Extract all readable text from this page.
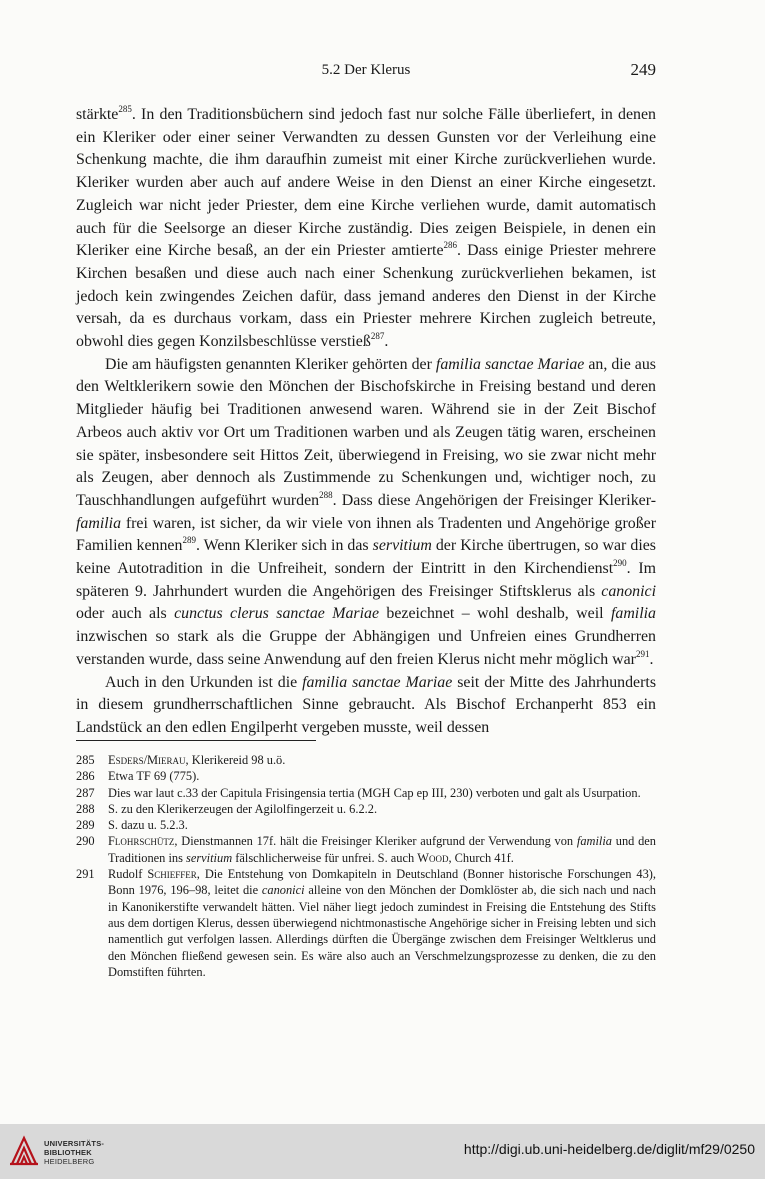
5.2 Der Klerus	249

stärkte$^{285}$. In den Traditionsbüchern sind jedoch fast nur solche Fälle überliefert, in denen ein Kleriker oder einer seiner Verwandten zu dessen Gunsten vor der Verleihung eine Schenkung machte, die ihm daraufhin zumeist mit einer Kirche zurückverliehen wurde. Kleriker wurden aber auch auf andere Weise in den Dienst an einer Kirche eingesetzt. Zugleich war nicht jeder Priester, dem eine Kirche verliehen wurde, damit automatisch auch für die Seelsorge an dieser Kirche zuständig. Dies zeigen Beispiele, in denen ein Kleriker eine Kirche besaß, an der ein Priester amtierte$^{286}$. Dass einige Priester mehrere Kirchen besaßen und diese auch nach einer Schenkung zurückverliehen bekamen, ist jedoch kein zwingendes Zeichen dafür, dass jemand anderes den Dienst in der Kirche versah, da es durchaus vorkam, dass ein Priester mehrere Kirchen zugleich betreute, obwohl dies gegen Konzilsbeschlüsse verstieß$^{287}$.

Die am häufigsten genannten Kleriker gehörten der familia sanctae Mariae an, die aus den Weltklerikern sowie den Mönchen der Bischofskirche in Freising bestand und deren Mitglieder häufig bei Traditionen anwesend waren. Während sie in der Zeit Bischof Arbeos auch aktiv vor Ort um Traditionen warben und als Zeugen tätig waren, erscheinen sie später, insbesondere seit Hittos Zeit, überwiegend in Freising, wo sie zwar nicht mehr als Zeugen, aber dennoch als Zustimmende zu Schenkungen und, wichtiger noch, zu Tauschhandlungen aufgeführt wurden$^{288}$. Dass diese Angehörigen der Freisinger Kleriker-familia frei waren, ist sicher, da wir viele von ihnen als Tradenten und Angehörige großer Familien kennen$^{289}$. Wenn Kleriker sich in das servitium der Kirche übertrugen, so war dies keine Autotradition in die Unfreiheit, sondern der Eintritt in den Kirchendienst$^{290}$. Im späteren 9. Jahrhundert wurden die Angehörigen des Freisinger Stiftsklerus als canonici oder auch als cunctus clerus sanctae Mariae bezeichnet – wohl deshalb, weil familia inzwischen so stark als die Gruppe der Abhängigen und Unfreien eines Grundherren verstanden wurde, dass seine Anwendung auf den freien Klerus nicht mehr möglich war$^{291}$.

Auch in den Urkunden ist die familia sanctae Mariae seit der Mitte des Jahrhunderts in diesem grundherrschaftlichen Sinne gebraucht. Als Bischof Erchanperht 853 ein Landstück an den edlen Engilperht vergeben musste, weil dessen

285	Esders/Mierau, Klerikereid 98 u.ö.
286	Etwa TF 69 (775).
287	Dies war laut c.33 der Capitula Frisingensia tertia (MGH Cap ep III, 230) verboten und galt als Usurpation.
288	S. zu den Klerikerzeugen der Agilolfingerzeit u. 6.2.2.
289	S. dazu u. 5.2.3.
290	Flohrschütz, Dienstmannen 17f. hält die Freisinger Kleriker aufgrund der Verwendung von familia und den Traditionen ins servitium fälschlicherweise für unfrei. S. auch Wood, Church 41f.
291	Rudolf Schieffer, Die Entstehung von Domkapiteln in Deutschland (Bonner historische Forschungen 43), Bonn 1976, 196–98, leitet die canonici alleine von den Mönchen der Domklöster ab, die sich nach und nach in Kanonikerstifte verwandelt hätten. Viel näher liegt jedoch zumindest in Freising die Entstehung des Stifts aus dem dortigen Klerus, dessen überwiegend nichtmonastische Angehörige sicher in Freising lebten und sich namentlich gut verfolgen lassen. Allerdings dürften die Übergänge zwischen dem Freisinger Weltklerus und den Mönchen fließend gewesen sein. Es wäre also auch an Verschmelzungsprozesse zu denken, die zu den Domstiften führten.
UNIVERSITÄTS-
BIBLIOTHEK
HEIDELBERG
http://digi.ub.uni-heidelberg.de/diglit/mf29/0250
